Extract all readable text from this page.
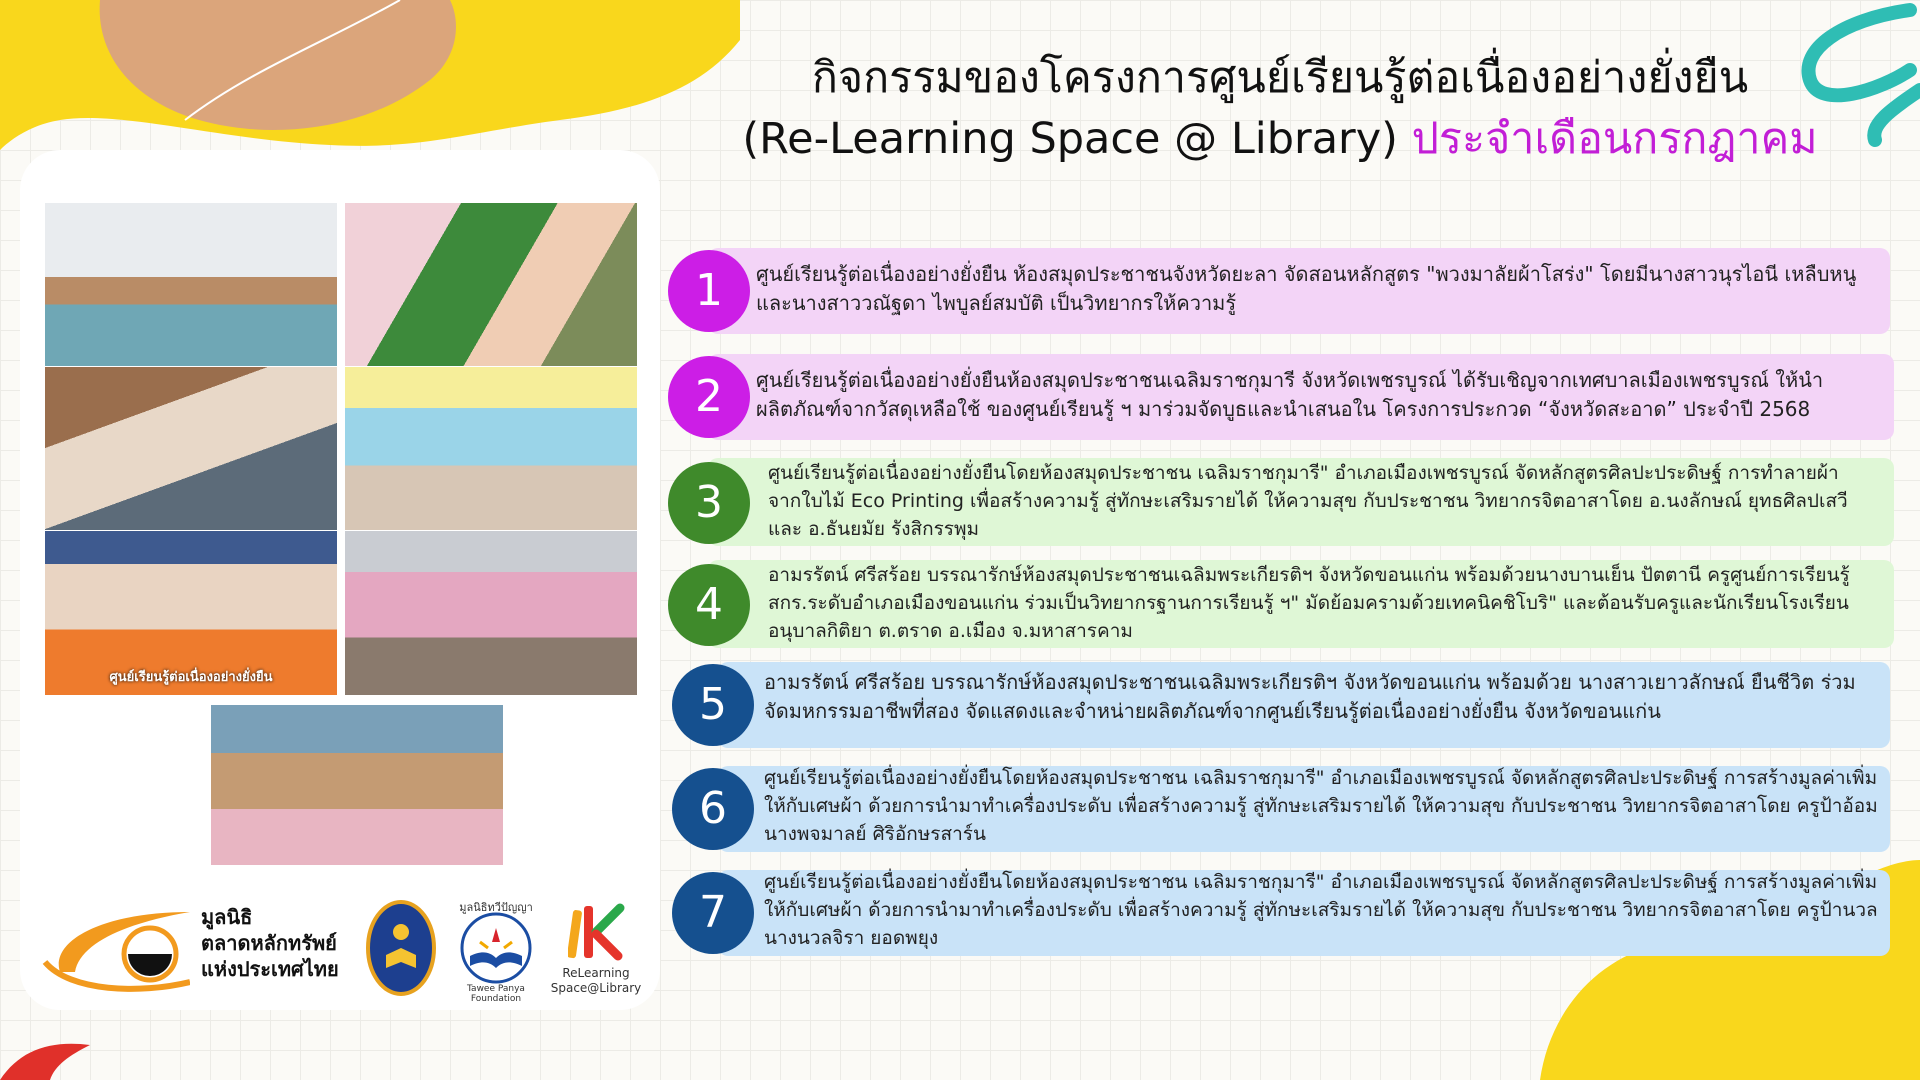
กิจกรรมของโครงการศูนย์เรียนรู้ต่อเนื่องอย่างยั่งยืน
(Re-Learning Space @ Library) ประจำเดือนกรกฎาคม
ศูนย์เรียนรู้ต่อเนื่องอย่างยั่งยืน
มูลนิธิ
ตลาดหลักทรัพย์
แห่งประเทศไทย
มูลนิธิทวีปัญญา
Tawee Panya Foundation
ReLearning
Space@Library
1	ศูนย์เรียนรู้ต่อเนื่องอย่างยั่งยืน ห้องสมุดประชาชนจังหวัดยะลา จัดสอนหลักสูตร "พวงมาลัยผ้าโสร่ง" โดยมีนางสาวนุรไอนี เหลืบหนูและนางสาววณัฐดา ไพบูลย์สมบัติ เป็นวิทยากรให้ความรู้
2	ศูนย์เรียนรู้ต่อเนื่องอย่างยั่งยืนห้องสมุดประชาชนเฉลิมราชกุมารี จังหวัดเพชรบูรณ์ ได้รับเชิญจากเทศบาลเมืองเพชรบูรณ์ ให้นำผลิตภัณฑ์จากวัสดุเหลือใช้ ของศูนย์เรียนรู้ ฯ มาร่วมจัดบูธและนำเสนอใน โครงการประกวด “จังหวัดสะอาด” ประจำปี 2568
3
ศูนย์เรียนรู้ต่อเนื่องอย่างยั่งยืนโดยห้องสมุดประชาชน เฉลิมราชกุมารี" อำเภอเมืองเพชรบูรณ์ จัดหลักสูตรศิลปะประดิษฐ์ การทำลายผ้าจากใบไม้ Eco Printing เพื่อสร้างความรู้ สู่ทักษะเสริมรายได้ ให้ความสุข กับประชาชน วิทยากรจิตอาสาโดย อ.นงลักษณ์ ยุทธศิลปเสวี และ อ.ธันยมัย รังสิกรรพุม
4
อามรรัตน์ ศรีสร้อย บรรณารักษ์ห้องสมุดประชาชนเฉลิมพระเกียรติฯ จังหวัดขอนแก่น พร้อมด้วยนางบานเย็น ปัตตานี ครูศูนย์การเรียนรู้ สกร.ระดับอำเภอเมืองขอนแก่น ร่วมเป็นวิทยากรฐานการเรียนรู้ ฯ" มัดย้อมครามด้วยเทคนิคชิโบริ" และต้อนรับครูและนักเรียนโรงเรียนอนุบาลกิติยา ต.ตราด อ.เมือง จ.มหาสารคาม
5	อามรรัตน์ ศรีสร้อย บรรณารักษ์ห้องสมุดประชาชนเฉลิมพระเกียรติฯ จังหวัดขอนแก่น พร้อมด้วย นางสาวเยาวลักษณ์ ยืนชีวิต ร่วมจัดมหกรรมอาชีพที่สอง จัดแสดงและจำหน่ายผลิตภัณฑ์จากศูนย์เรียนรู้ต่อเนื่องอย่างยั่งยืน จังหวัดขอนแก่น
6
ศูนย์เรียนรู้ต่อเนื่องอย่างยั่งยืนโดยห้องสมุดประชาชน เฉลิมราชกุมารี" อำเภอเมืองเพชรบูรณ์ จัดหลักสูตรศิลปะประดิษฐ์ การสร้างมูลค่าเพิ่มให้กับเศษผ้า ด้วยการนำมาทำเครื่องประดับ เพื่อสร้างความรู้ สู่ทักษะเสริมรายได้ ให้ความสุข กับประชาชน วิทยากรจิตอาสาโดย ครูป้าอ้อม นางพจมาลย์ ศิริอักษรสาร์น
7
ศูนย์เรียนรู้ต่อเนื่องอย่างยั่งยืนโดยห้องสมุดประชาชน เฉลิมราชกุมารี" อำเภอเมืองเพชรบูรณ์ จัดหลักสูตรศิลปะประดิษฐ์ การสร้างมูลค่าเพิ่มให้กับเศษผ้า ด้วยการนำมาทำเครื่องประดับ เพื่อสร้างความรู้ สู่ทักษะเสริมรายได้ ให้ความสุข กับประชาชน วิทยากรจิตอาสาโดย ครูป้านวล นางนวลจิรา ยอดพยุง
